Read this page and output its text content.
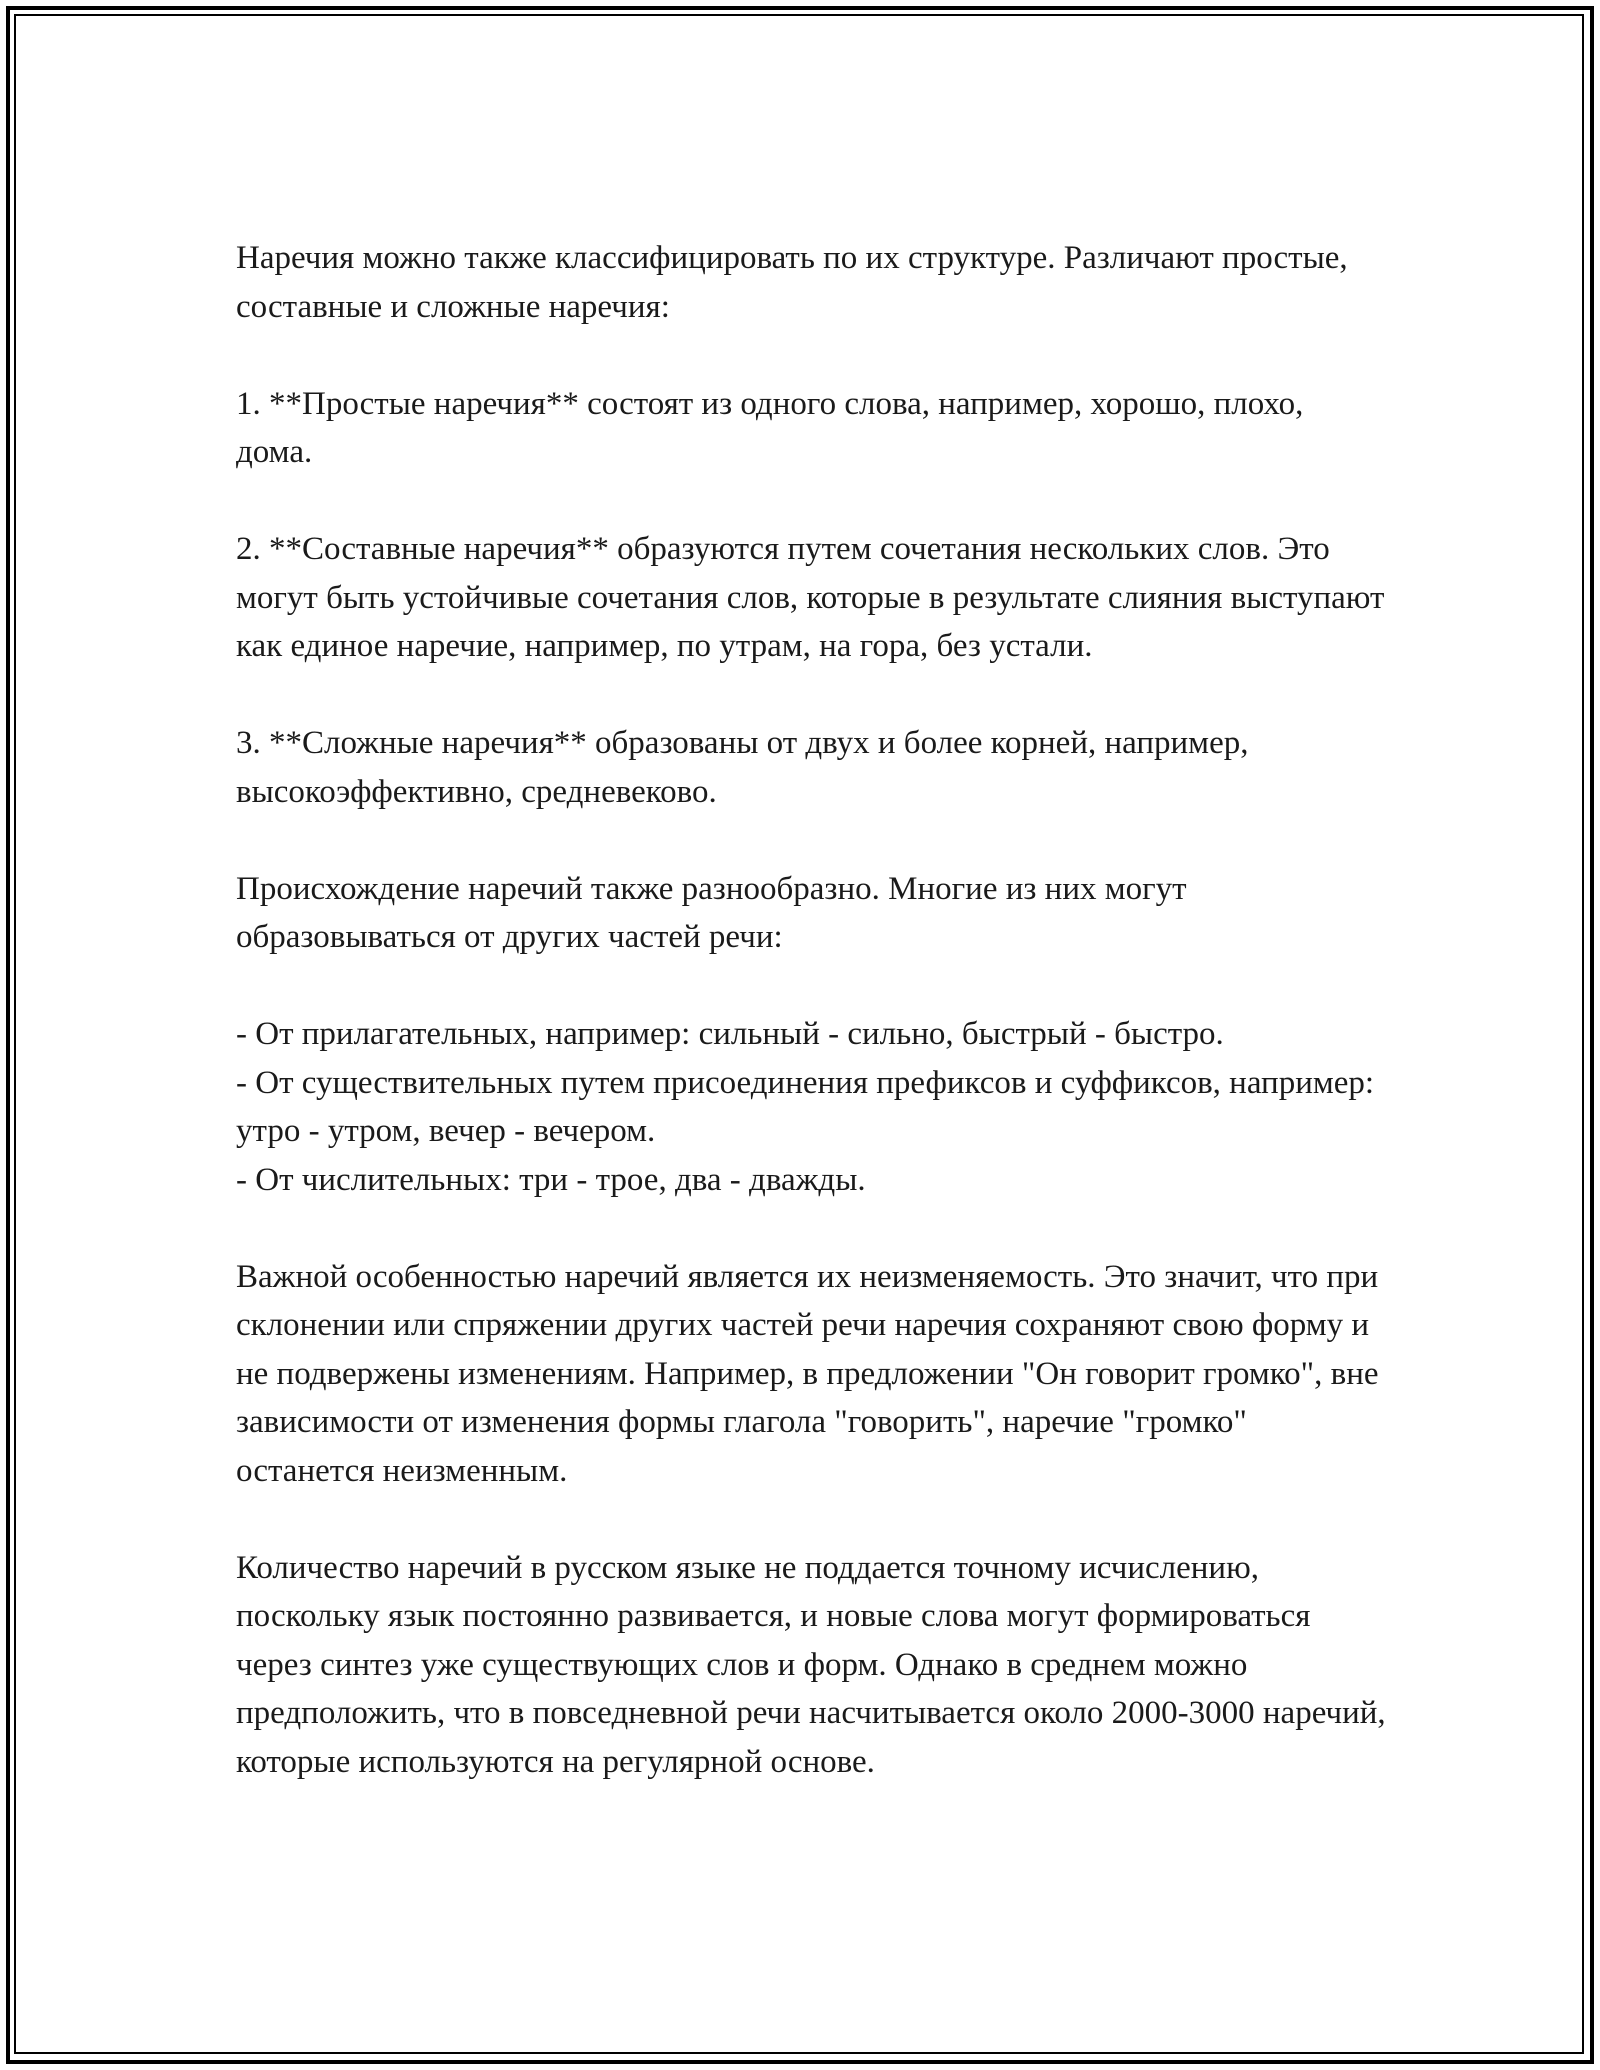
Наречия можно также классифицировать по их структуре. Различают простые, составные и сложные наречия:

1. **Простые наречия** состоят из одного слова, например, хорошо, плохо, дома.

2. **Составные наречия** образуются путем сочетания нескольких слов. Это могут быть устойчивые сочетания слов, которые в результате слияния выступают как единое наречие, например, по утрам, на гора, без устали.

3. **Сложные наречия** образованы от двух и более корней, например, высокоэффективно, средневеково.

Происхождение наречий также разнообразно. Многие из них могут образовываться от других частей речи:

- От прилагательных, например: сильный - сильно, быстрый - быстро.
- От существительных путем присоединения префиксов и суффиксов, например: утро - утром, вечер - вечером.
- От числительных: три - трое, два - дважды.

Важной особенностью наречий является их неизменяемость. Это значит, что при склонении или спряжении других частей речи наречия сохраняют свою форму и не подвержены изменениям. Например, в предложении "Он говорит громко", вне зависимости от изменения формы глагола "говорить", наречие "громко" останется неизменным.

Количество наречий в русском языке не поддается точному исчислению, поскольку язык постоянно развивается, и новые слова могут формироваться через синтез уже существующих слов и форм. Однако в среднем можно предположить, что в повседневной речи насчитывается около 2000-3000 наречий, которые используются на регулярной основе.
